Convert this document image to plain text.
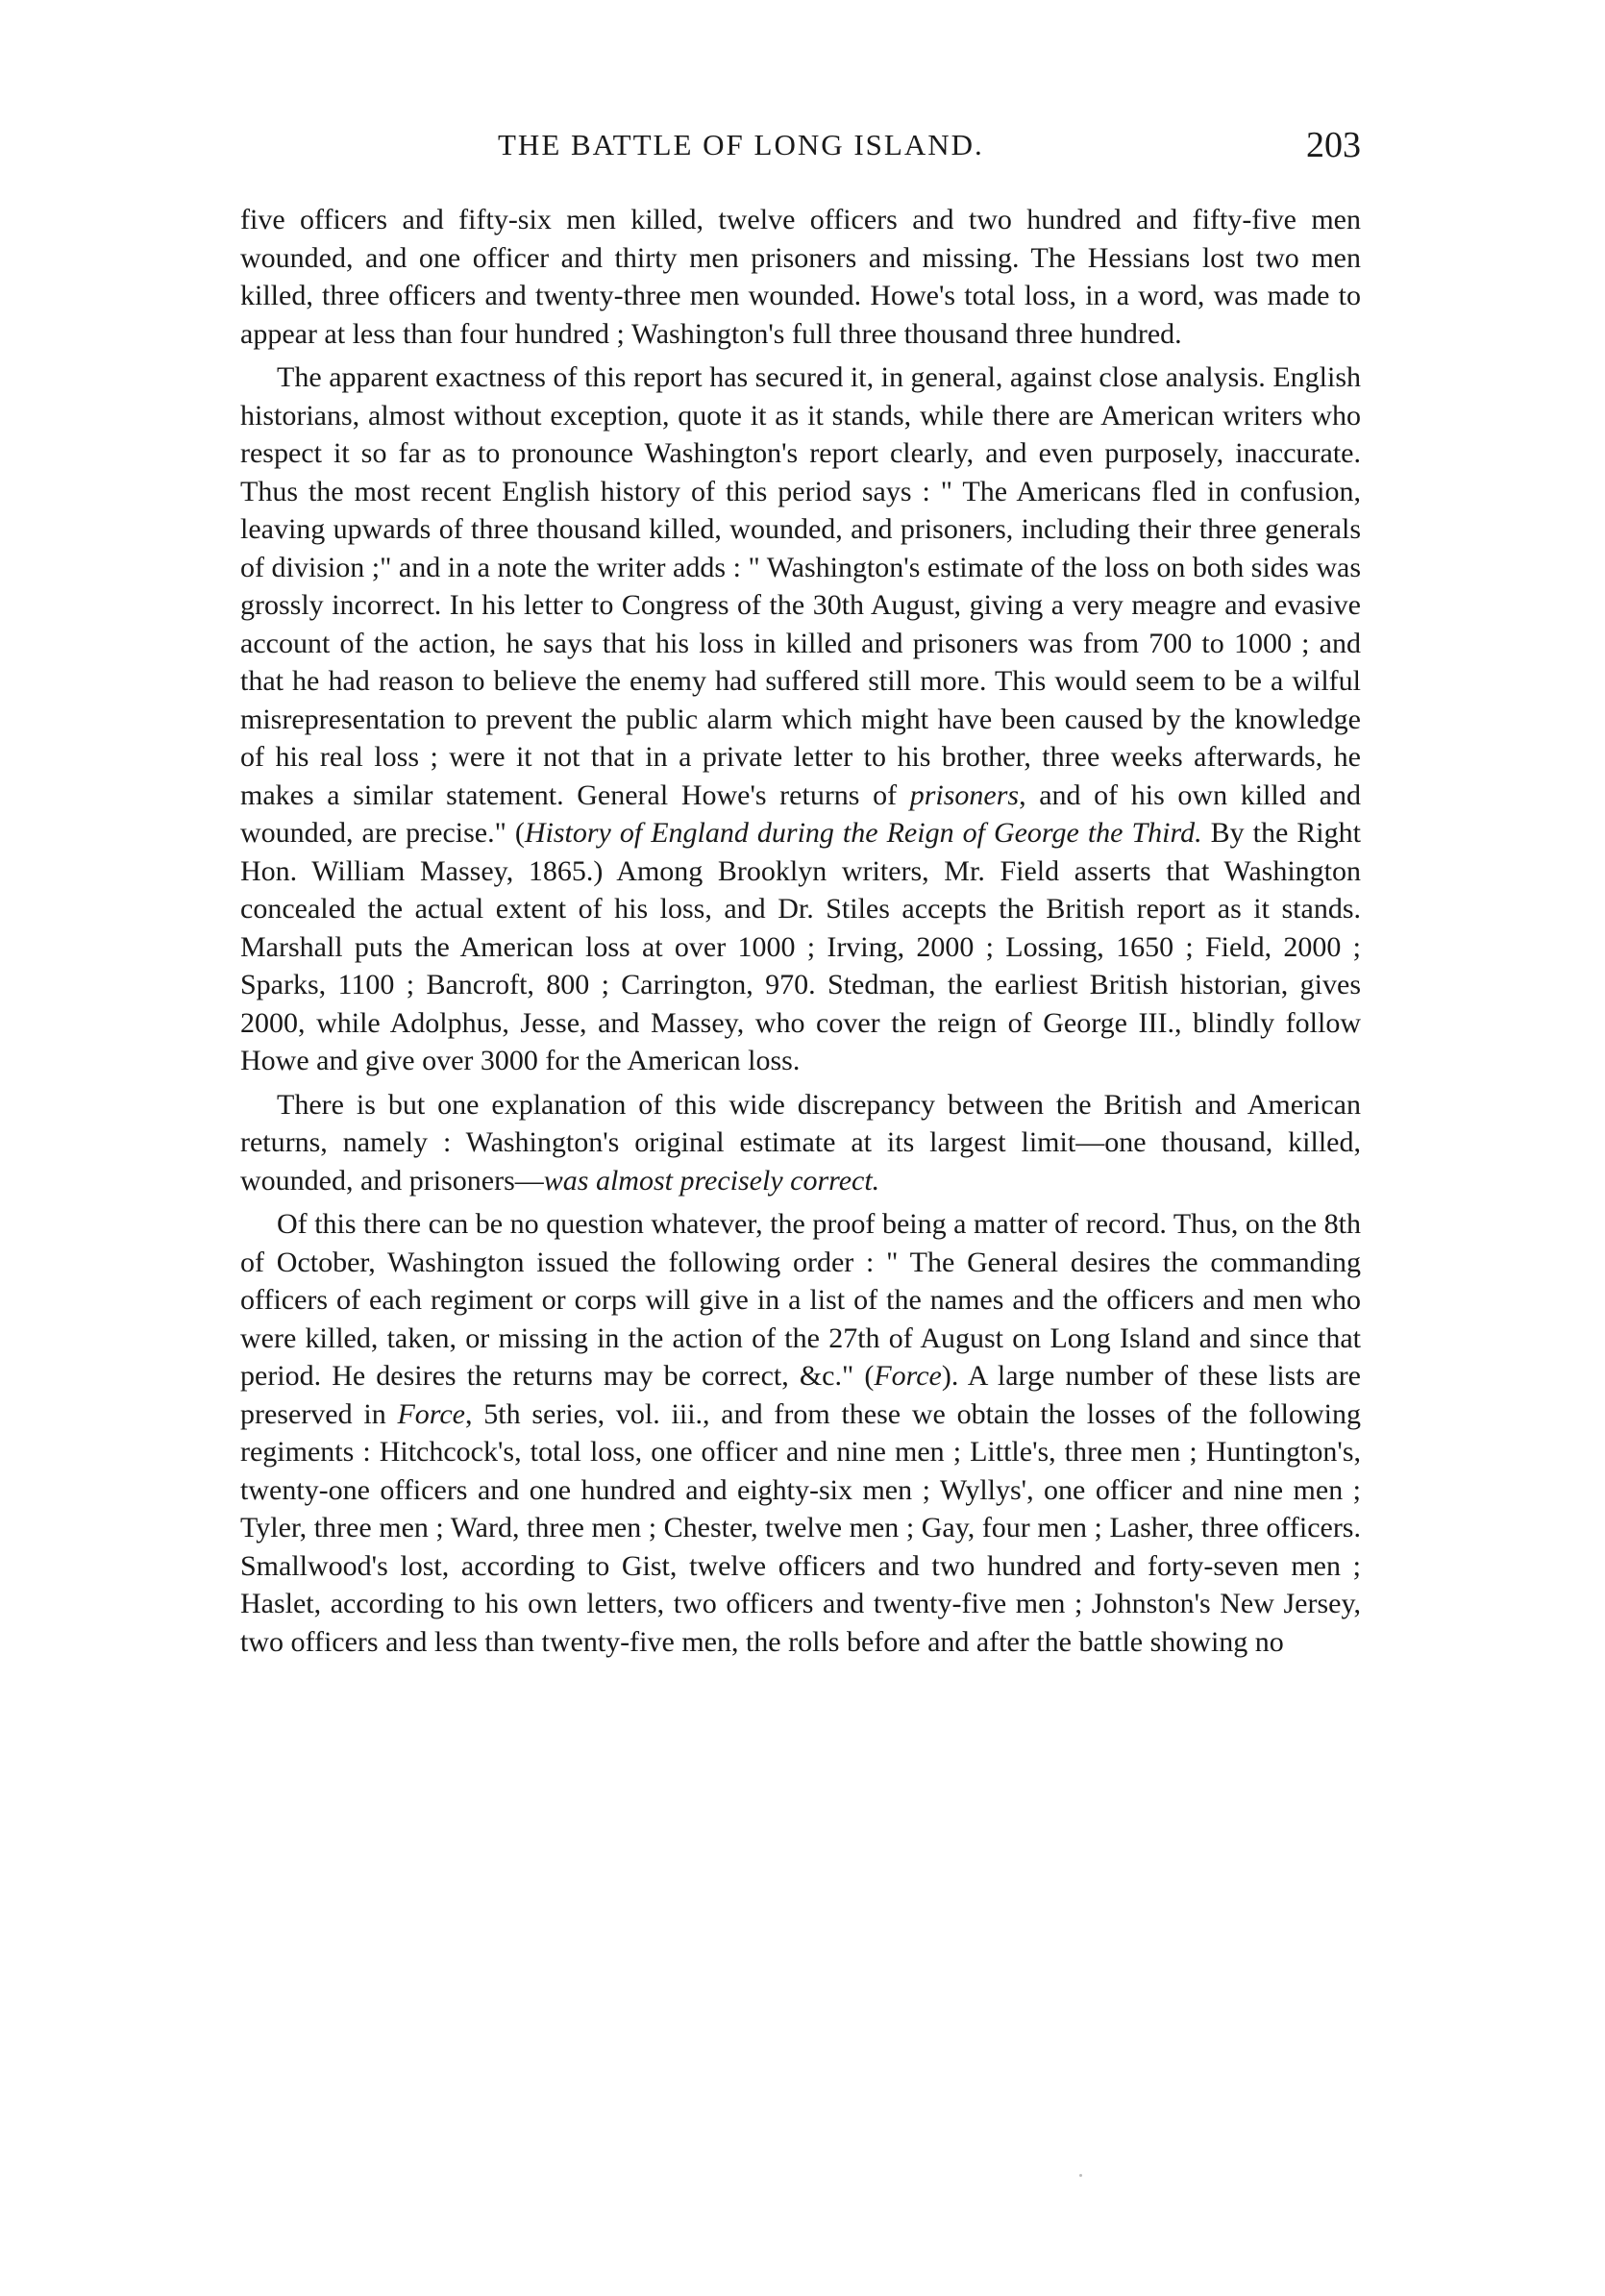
THE BATTLE OF LONG ISLAND.	203

five officers and fifty-six men killed, twelve officers and two hundred and fifty-five men wounded, and one officer and thirty men prisoners and missing. The Hessians lost two men killed, three officers and twenty-three men wounded. Howe's total loss, in a word, was made to appear at less than four hundred ; Washington's full three thousand three hundred.

The apparent exactness of this report has secured it, in general, against close analysis. English historians, almost without exception, quote it as it stands, while there are American writers who respect it so far as to pronounce Washington's report clearly, and even purposely, inaccurate. Thus the most recent English history of this period says : " The Americans fled in confusion, leaving upwards of three thousand killed, wounded, and prisoners, including their three generals of division ;" and in a note the writer adds : " Washington's estimate of the loss on both sides was grossly incorrect. In his letter to Congress of the 30th August, giving a very meagre and evasive account of the action, he says that his loss in killed and prisoners was from 700 to 1000 ; and that he had reason to believe the enemy had suffered still more. This would seem to be a wilful misrepresentation to prevent the public alarm which might have been caused by the knowledge of his real loss ; were it not that in a private letter to his brother, three weeks afterwards, he makes a similar statement. General Howe's returns of prisoners, and of his own killed and wounded, are precise." (History of England during the Reign of George the Third. By the Right Hon. William Massey, 1865.) Among Brooklyn writers, Mr. Field asserts that Washington concealed the actual extent of his loss, and Dr. Stiles accepts the British report as it stands. Marshall puts the American loss at over 1000 ; Irving, 2000 ; Lossing, 1650 ; Field, 2000 ; Sparks, 1100 ; Bancroft, 800 ; Carrington, 970. Stedman, the earliest British historian, gives 2000, while Adolphus, Jesse, and Massey, who cover the reign of George III., blindly follow Howe and give over 3000 for the American loss.

There is but one explanation of this wide discrepancy between the British and American returns, namely : Washington's original estimate at its largest limit—one thousand, killed, wounded, and prisoners—was almost precisely correct.

Of this there can be no question whatever, the proof being a matter of record. Thus, on the 8th of October, Washington issued the following order : " The General desires the commanding officers of each regiment or corps will give in a list of the names and the officers and men who were killed, taken, or missing in the action of the 27th of August on Long Island and since that period. He desires the returns may be correct, &c." (Force). A large number of these lists are preserved in Force, 5th series, vol. iii., and from these we obtain the losses of the following regiments : Hitchcock's, total loss, one officer and nine men ; Little's, three men ; Huntington's, twenty-one officers and one hundred and eighty-six men ; Wyllys', one officer and nine men ; Tyler, three men ; Ward, three men ; Chester, twelve men ; Gay, four men ; Lasher, three officers. Smallwood's lost, according to Gist, twelve officers and two hundred and forty-seven men ; Haslet, according to his own letters, two officers and twenty-five men ; Johnston's New Jersey, two officers and less than twenty-five men, the rolls before and after the battle showing no
